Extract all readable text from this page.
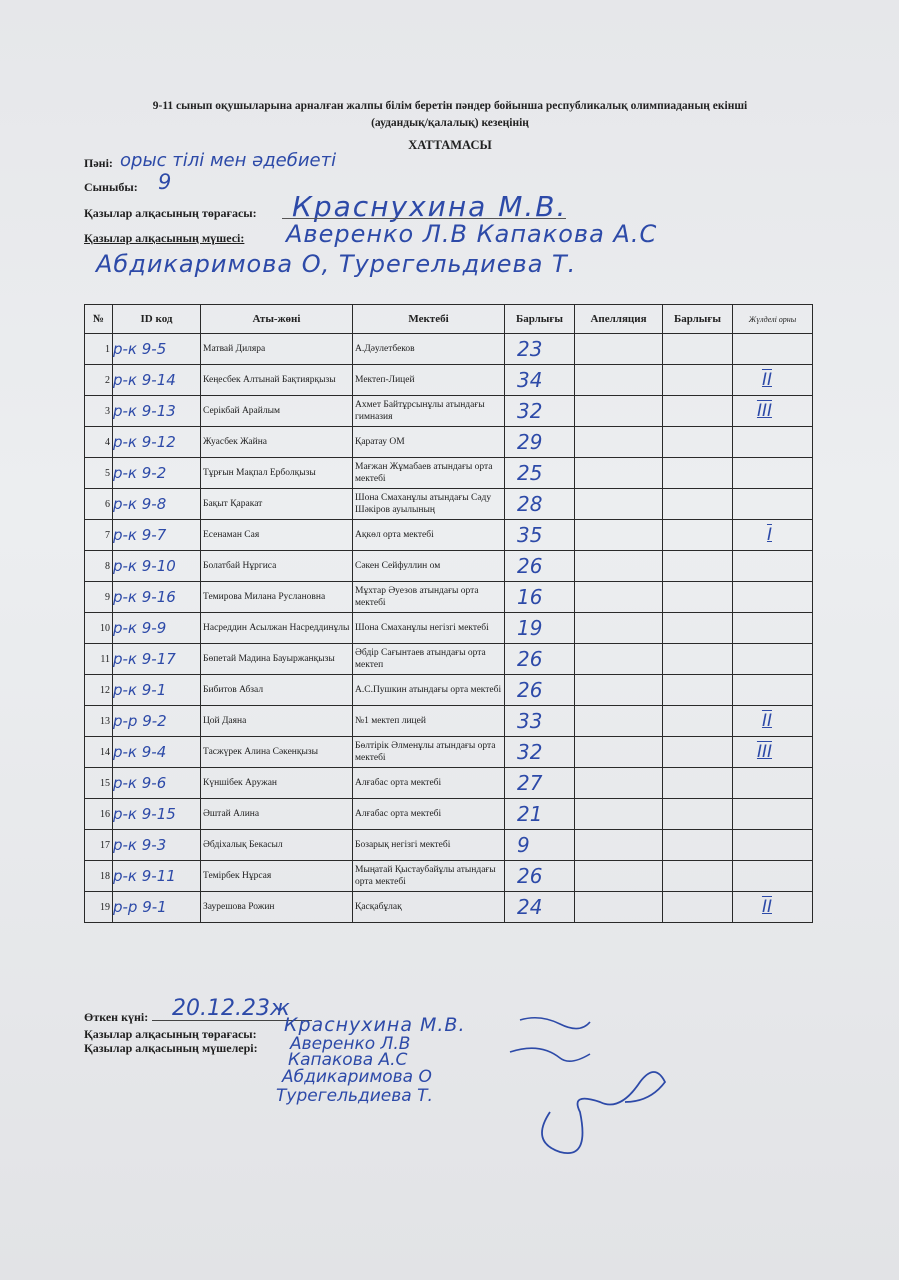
9-11 сынып оқушыларына арналған жалпы білім беретін пәндер бойынша республикалық олимпиаданың екінші
(аудандық/қалалық) кезеңінің
ХАТТАМАСЫ
Пәні: орыс тілі мен әдебиеті
Сыныбы: 9
Қазылар алқасының төрағасы: Краснухина М.В.
Қазылар алқасының мүшесі: Аверенко Л.В Капакова А.С
Абдикаримова О, Турегельдиева Т.
№	ID код	Аты-жөні	Мектебі	Барлығы	Апелляция	Барлығы	Жүлделі орны
1	р-к 9-5	Матвай Диляра	А.Дәулетбеков	23			
2	р-к 9-14	Кеңесбек Алтынай Бақтиярқызы	Мектеп-Лицей	34			II
3	р-к 9-13	Серікбай Арайлым	Ахмет Байтұрсынұлы атындағы гимназия	32			III
4	р-к 9-12	Жуасбек Жайна	Қаратау ОМ	29			
5	р-к 9-2	Тұрғын Мақпал Ерболқызы	Мағжан Жұмабаев атындағы орта мектебі	25			
6	р-к 9-8	Бақыт Қаракат	Шона Смаханұлы атындағы Сәду Шәкіров ауылының	28			
7	р-к 9-7	Есенаман Сая	Ақкөл орта мектебі	35			I
8	р-к 9-10	Болатбай Нұргиса	Сәкен Сейфуллин ом	26			
9	р-к 9-16	Темирова Милана Руслановна	Мұхтар Әуезов атындағы орта мектебі	16			
10	р-к 9-9	Насреддин Асылжан Насреддинұлы	Шона Смаханұлы негізгі мектебі	19			
11	р-к 9-17	Бөпетай Мадина Бауыржанқызы	Әбдір Сағынтаев атындағы орта мектеп	26			
12	р-к 9-1	Бибитов Абзал	А.С.Пушкин атындағы орта мектебі	26			
13	р-р 9-2	Цой Даяна	№1 мектеп лицей	33			II
14	р-к 9-4	Тасжүрек Алина Сәкенқызы	Бөлтірік Әлменұлы атындағы орта мектебі	32			III
15	р-к 9-6	Күншібек Аружан	Алғабас орта мектебі	27			
16	р-к 9-15	Әштай Алина	Алғабас орта мектебі	21			
17	р-к 9-3	Әбдіхалық Бекасыл	Бозарық негізгі мектебі	9			
18	р-к 9-11	Темірбек Нұрсая	Мыңатай Қыстаубайұлы атындағы орта мектебі	26			
19	р-р 9-1	Заурешова Рожин	Қасқабұлақ	24			II
Өткен күні: 20.12.23ж
Қазылар алқасының төрағасы: Краснухина М.В.
Қазылар алқасының мүшелері: Аверенко Л.В
Капакова А.С
Абдикаримова О
Турегельдиева Т.
